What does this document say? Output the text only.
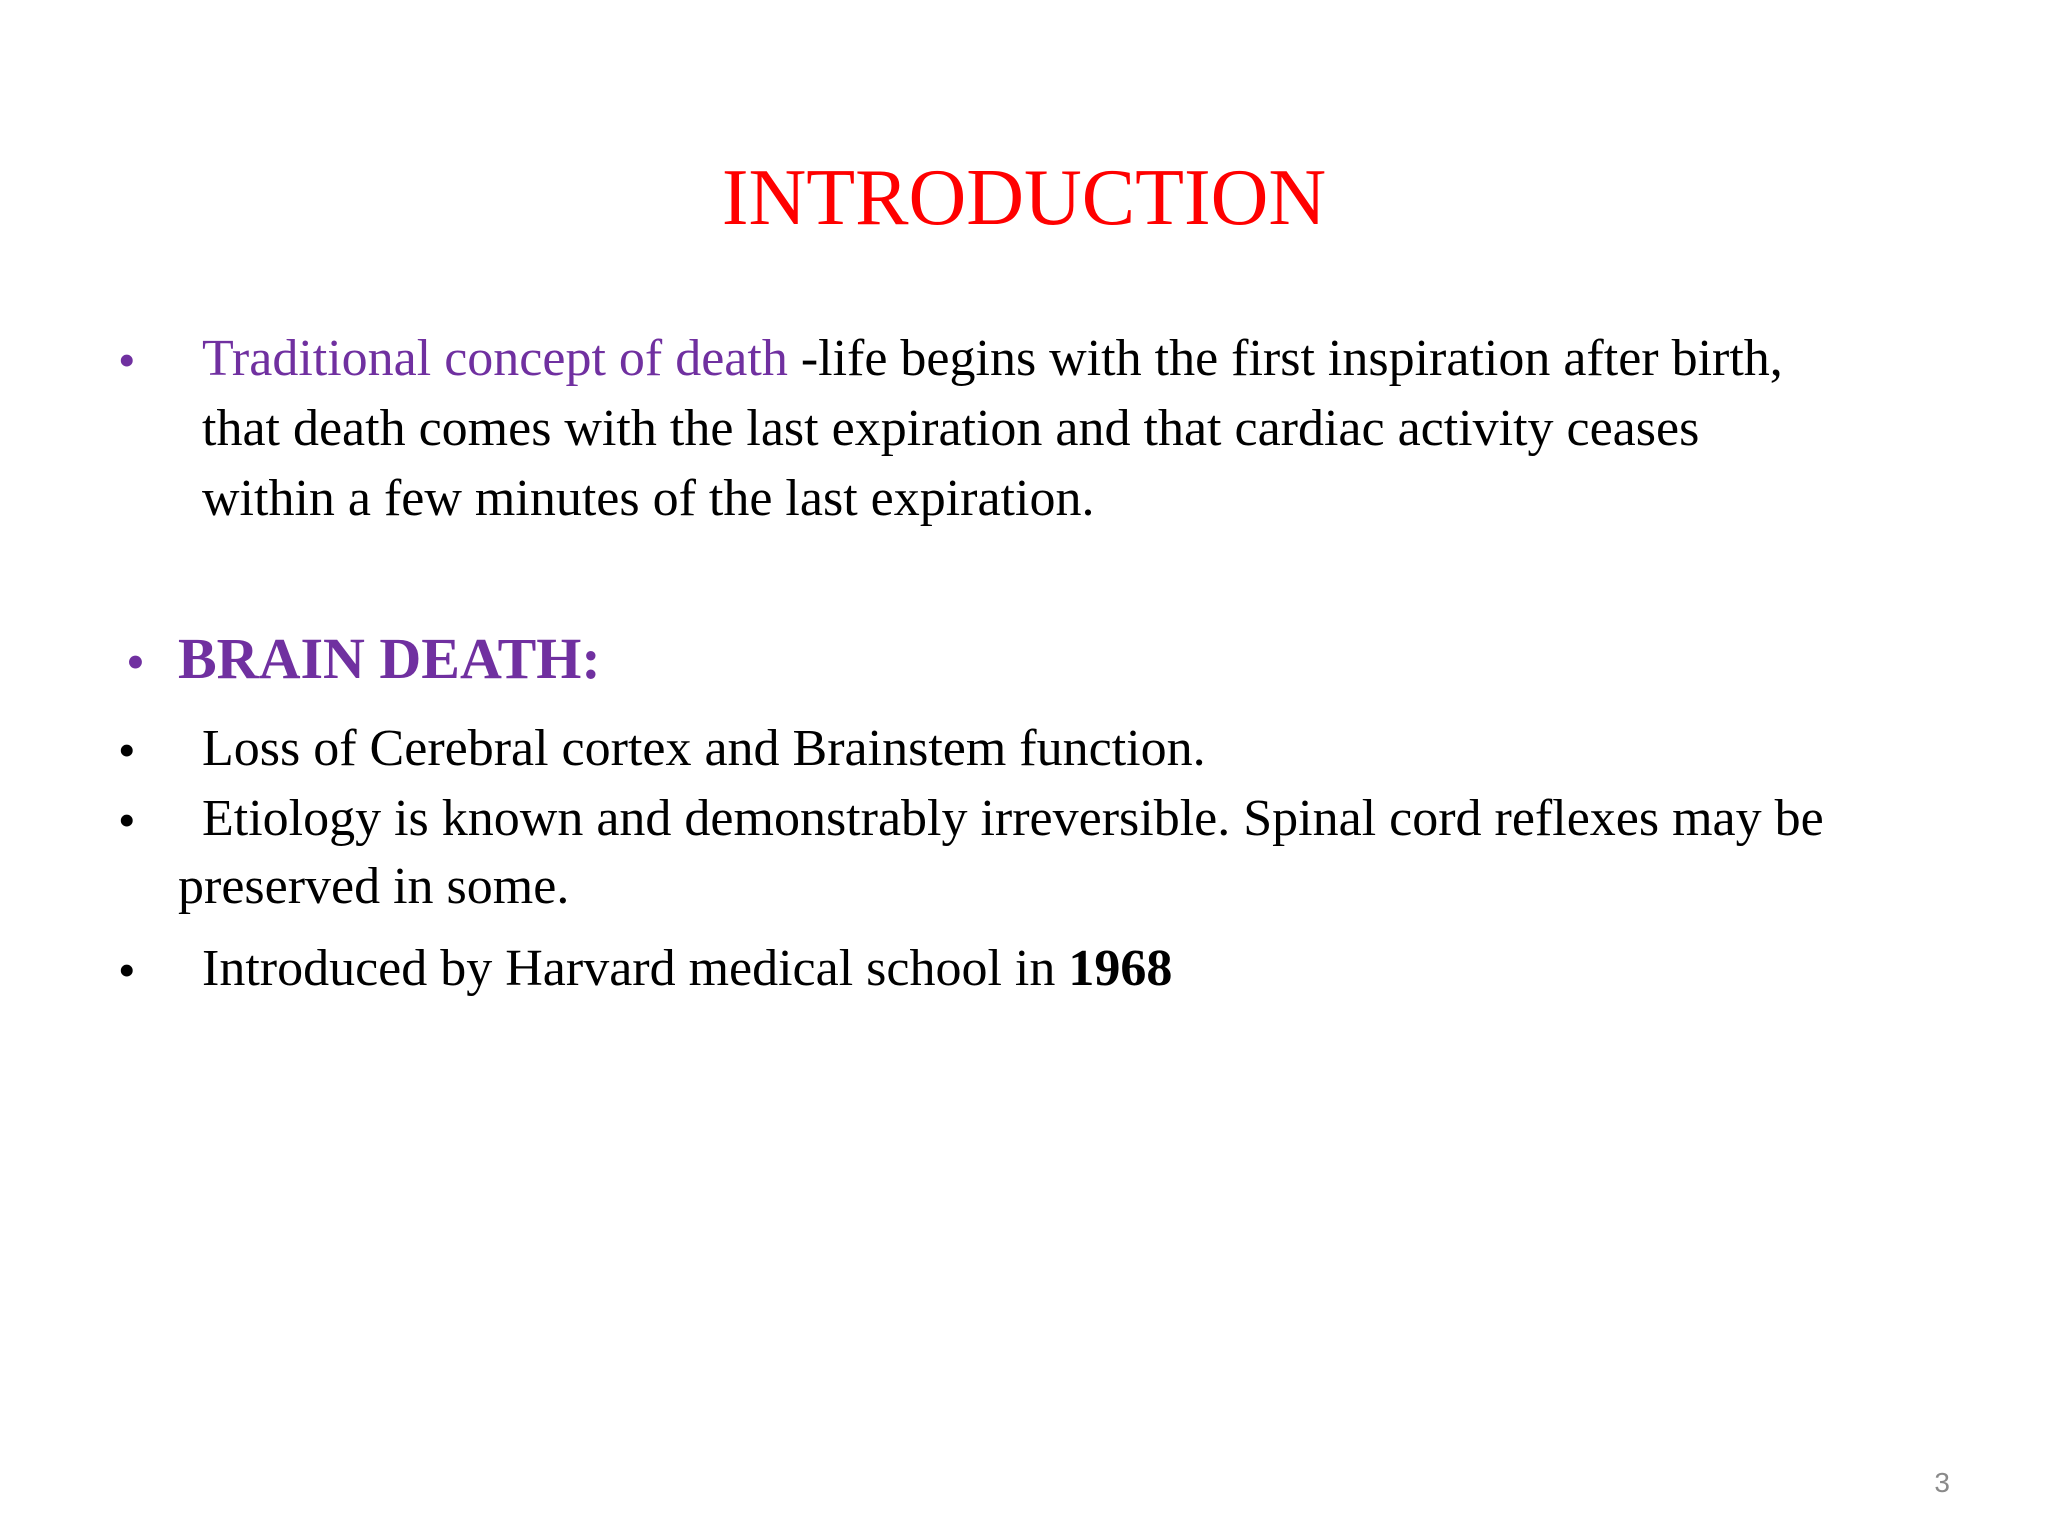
INTRODUCTION
• Traditional concept of death -life begins with the first inspiration after birth,
that death comes with the last expiration and that cardiac activity ceases
within a few minutes of the last expiration.
• BRAIN DEATH:
• Loss of Cerebral cortex and Brainstem function.
• Etiology is known and demonstrably irreversible. Spinal cord reflexes may be
preserved in some.
• Introduced by Harvard medical school in 1968
3
